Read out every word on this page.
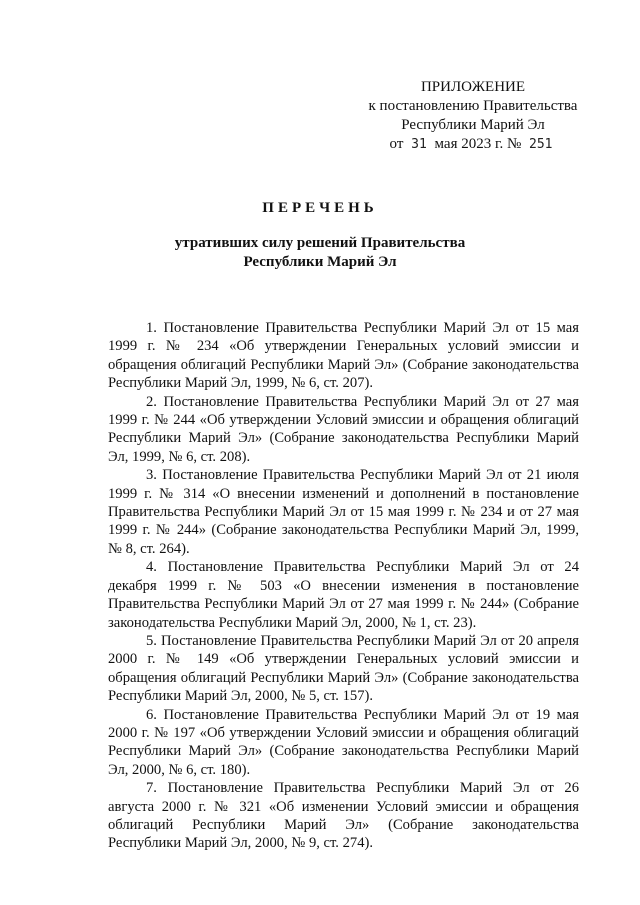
ПРИЛОЖЕНИЕ
к постановлению Правительства
Республики Марий Эл
от 31 мая 2023 г. № 251
ПЕРЕЧЕНЬ
утративших силу решений Правительства
Республики Марий Эл

1. Постановление Правительства Республики Марий Эл от 15 мая 1999 г. № 234 «Об утверждении Генеральных условий эмиссии и обращения облигаций Республики Марий Эл» (Собрание законодательства Республики Марий Эл, 1999, № 6, ст. 207).

2. Постановление Правительства Республики Марий Эл от 27 мая 1999 г. № 244 «Об утверждении Условий эмиссии и обращения облигаций Республики Марий Эл» (Собрание законодательства Республики Марий Эл, 1999, № 6, ст. 208).

3. Постановление Правительства Республики Марий Эл от 21 июля 1999 г. № 314 «О внесении изменений и дополнений в постановление Правительства Республики Марий Эл от 15 мая 1999 г. № 234 и от 27 мая 1999 г. № 244» (Собрание законодательства Республики Марий Эл, 1999, № 8, ст. 264).

4. Постановление Правительства Республики Марий Эл от 24 декабря 1999 г. № 503 «О внесении изменения в постановление Правительства Республики Марий Эл от 27 мая 1999 г. № 244» (Собрание законодательства Республики Марий Эл, 2000, № 1, ст. 23).

5. Постановление Правительства Республики Марий Эл от 20 апреля 2000 г. № 149 «Об утверждении Генеральных условий эмиссии и обращения облигаций Республики Марий Эл» (Собрание законодательства Республики Марий Эл, 2000, № 5, ст. 157).

6. Постановление Правительства Республики Марий Эл от 19 мая 2000 г. № 197 «Об утверждении Условий эмиссии и обращения облигаций Республики Марий Эл» (Собрание законодательства Республики Марий Эл, 2000, № 6, ст. 180).

7. Постановление Правительства Республики Марий Эл от 26 августа 2000 г. № 321 «Об изменении Условий эмиссии и обращения облигаций Республики Марий Эл» (Собрание законодательства Республики Марий Эл, 2000, № 9, ст. 274).
